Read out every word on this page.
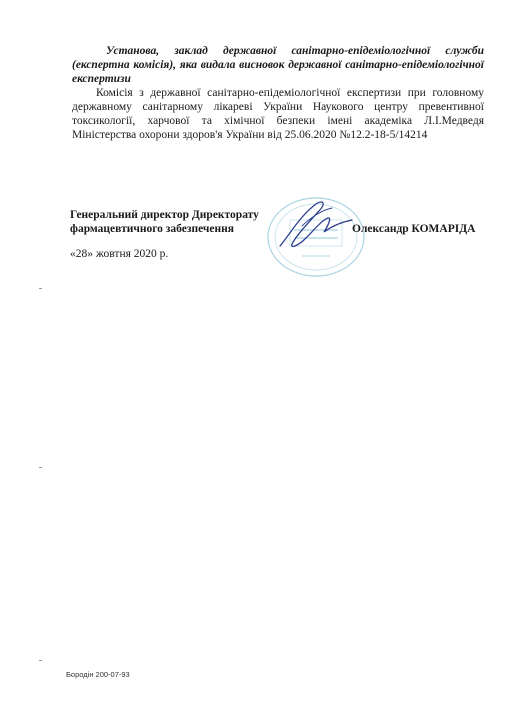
Установа, заклад державної санітарно-епідеміологічної служби (експертна комісія), яка видала висновок державної санітарно-епідеміологічної експертизи

Комісія з державної санітарно-епідеміологічної експертизи при головному державному санітарному лікареві України Наукового центру превентивної токсикології, харчової та хімічної безпеки імені академіка Л.І.Медведя Міністерства охорони здоров'я України від 25.06.2020 №12.2-18-5/14214

Генеральний директор Директорату фармацевтичного забезпечення	Олександр КОМАРІДА

«28» жовтня 2020 р.

Бородін 200-07-93
